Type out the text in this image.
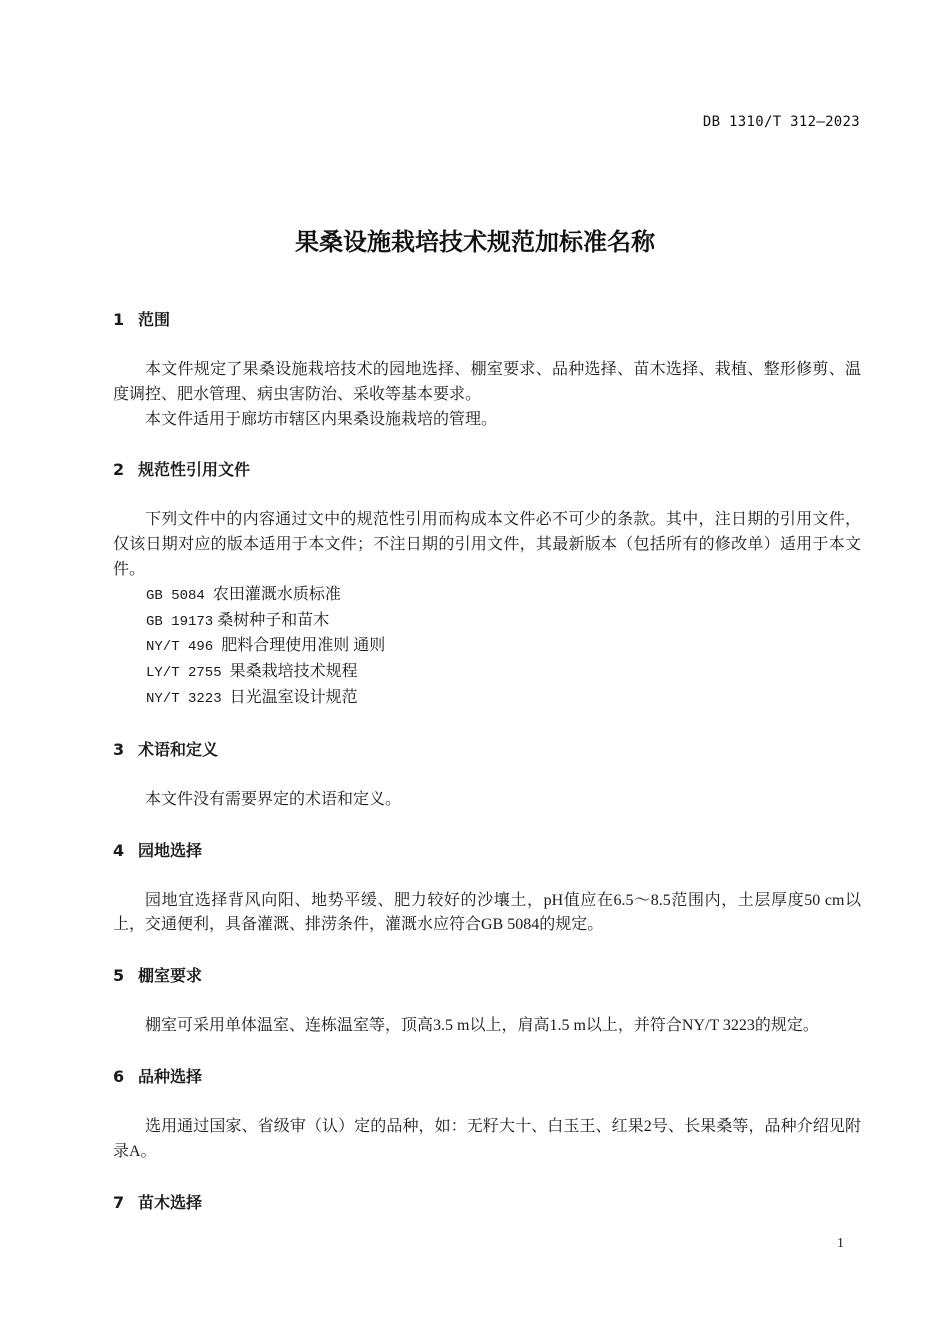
DB 1310/T 312—2023
果桑设施栽培技术规范加标准名称
1 范围

本文件规定了果桑设施栽培技术的园地选择、棚室要求、品种选择、苗木选择、栽植、整形修剪、温度调控、肥水管理、病虫害防治、采收等基本要求。

本文件适用于廊坊市辖区内果桑设施栽培的管理。

2 规范性引用文件

下列文件中的内容通过文中的规范性引用而构成本文件必不可少的条款。其中，注日期的引用文件，仅该日期对应的版本适用于本文件；不注日期的引用文件，其最新版本（包括所有的修改单）适用于本文件。

GB 5084 农田灌溉水质标准
GB 19173 桑树种子和苗木
NY/T 496 肥料合理使用准则 通则
LY/T 2755 果桑栽培技术规程
NY/T 3223 日光温室设计规范
3 术语和定义

本文件没有需要界定的术语和定义。

4 园地选择

园地宜选择背风向阳、地势平缓、肥力较好的沙壤土，pH值应在6.5～8.5范围内，土层厚度50 cm以上，交通便利，具备灌溉、排涝条件，灌溉水应符合GB 5084的规定。

5 棚室要求

棚室可采用单体温室、连栋温室等，顶高3.5 m以上，肩高1.5 m以上，并符合NY/T 3223的规定。

6 品种选择

选用通过国家、省级审（认）定的品种，如：无籽大十、白玉王、红果2号、长果桑等，品种介绍见附录A。

7 苗木选择
1
